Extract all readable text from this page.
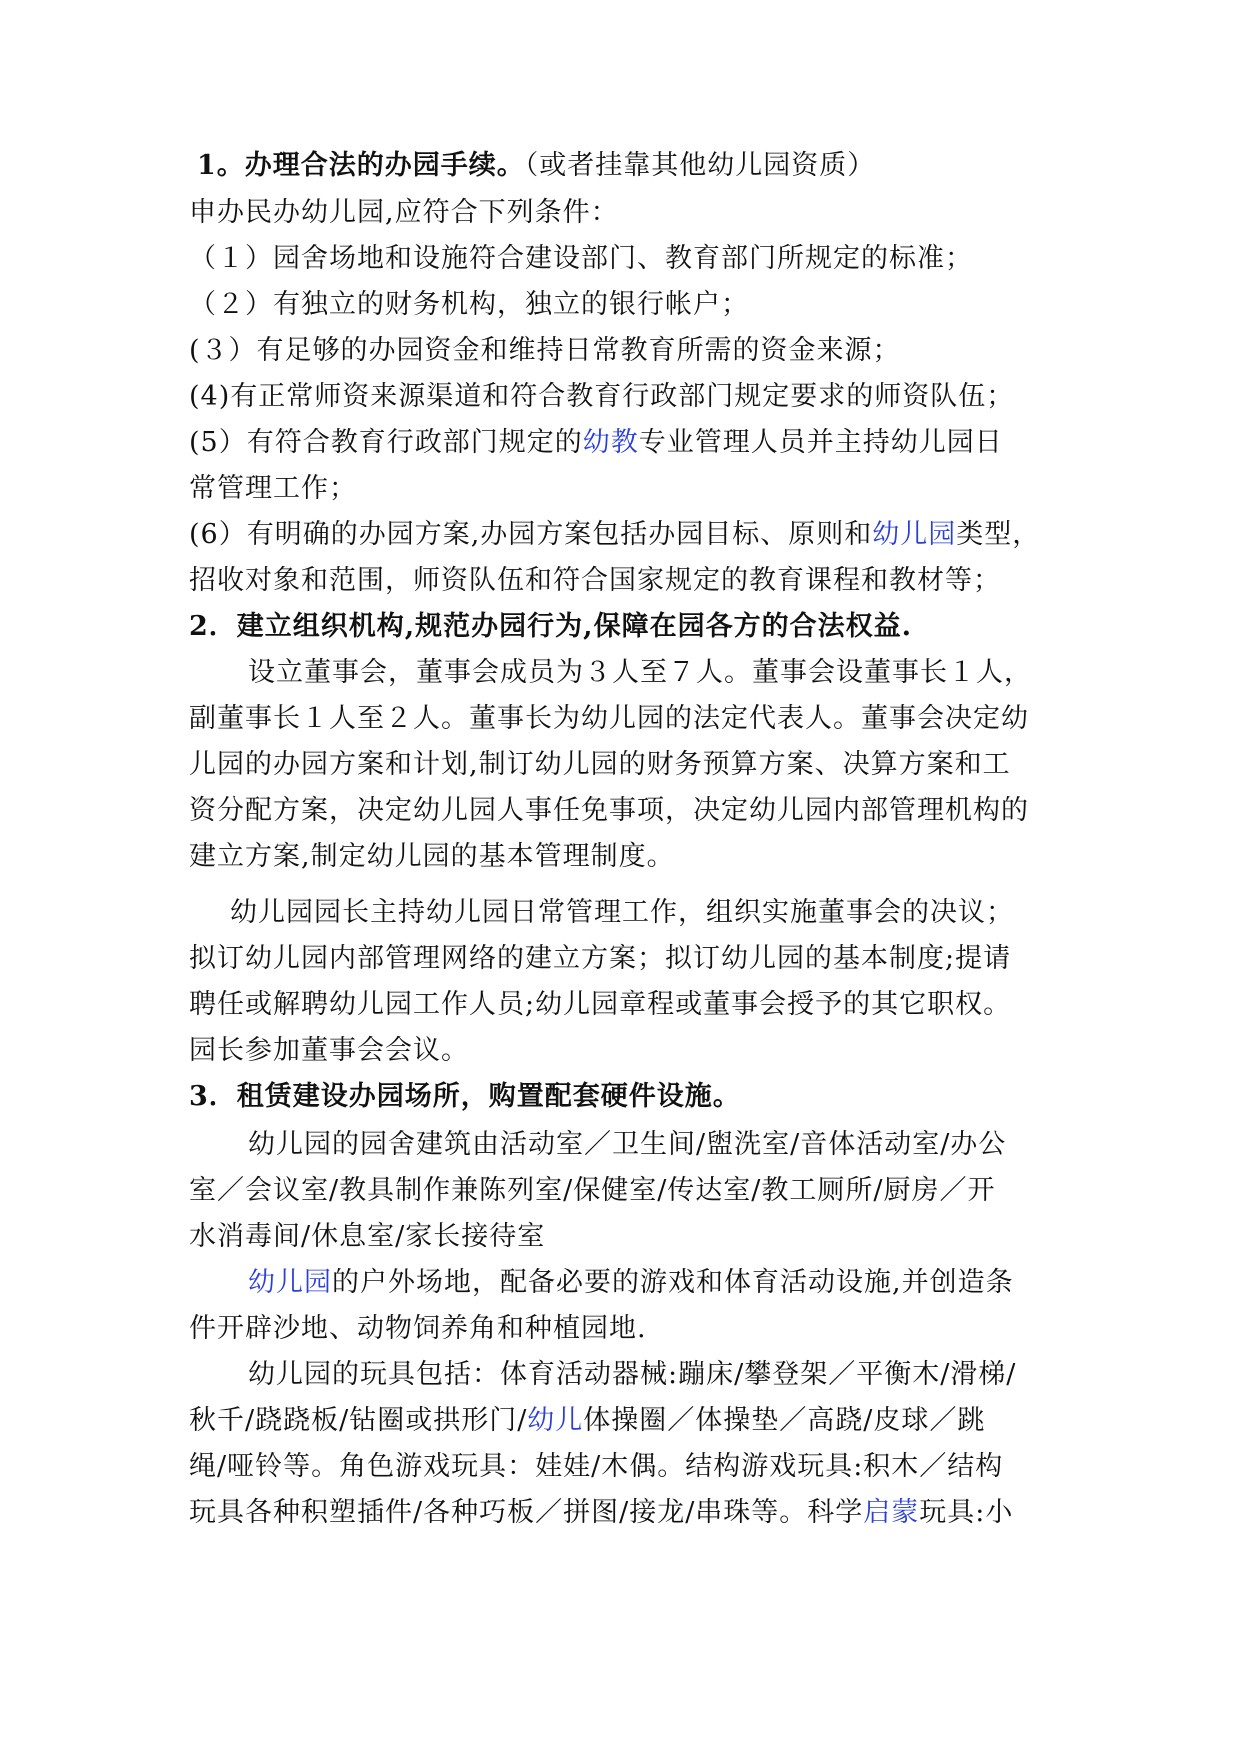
1。办理合法的办园手续。（或者挂靠其他幼儿园资质）
申办民办幼儿园,应符合下列条件：
（１）园舍场地和设施符合建设部门、教育部门所规定的标准；
（２）有独立的财务机构，独立的银行帐户；
(３）有足够的办园资金和维持日常教育所需的资金来源；
(4)有正常师资来源渠道和符合教育行政部门规定要求的师资队伍；
(5）有符合教育行政部门规定的幼教专业管理人员并主持幼儿园日
常管理工作；
(6）有明确的办园方案,办园方案包括办园目标、原则和幼儿园类型，
招收对象和范围，师资队伍和符合国家规定的教育课程和教材等；
2．建立组织机构,规范办园行为,保障在园各方的合法权益.
设立董事会，董事会成员为３人至７人。董事会设董事长１人，
副董事长１人至２人。董事长为幼儿园的法定代表人。董事会决定幼
儿园的办园方案和计划,制订幼儿园的财务预算方案、决算方案和工
资分配方案，决定幼儿园人事任免事项，决定幼儿园内部管理机构的
建立方案,制定幼儿园的基本管理制度。
幼儿园园长主持幼儿园日常管理工作，组织实施董事会的决议；
拟订幼儿园内部管理网络的建立方案；拟订幼儿园的基本制度;提请
聘任或解聘幼儿园工作人员;幼儿园章程或董事会授予的其它职权。
园长参加董事会会议。
3．租赁建设办园场所，购置配套硬件设施。
幼儿园的园舍建筑由活动室／卫生间/盥洗室/音体活动室/办公
室／会议室/教具制作兼陈列室/保健室/传达室/教工厕所/厨房／开
水消毒间/休息室/家长接待室
幼儿园的户外场地，配备必要的游戏和体育活动设施,并创造条
件开辟沙地、动物饲养角和种植园地.
幼儿园的玩具包括：体育活动器械:蹦床/攀登架／平衡木/滑梯/
秋千/跷跷板/钻圈或拱形门/幼儿体操圈／体操垫／高跷/皮球／跳
绳/哑铃等。角色游戏玩具：娃娃/木偶。结构游戏玩具:积木／结构
玩具各种积塑插件/各种巧板／拼图/接龙/串珠等。科学启蒙玩具:小
